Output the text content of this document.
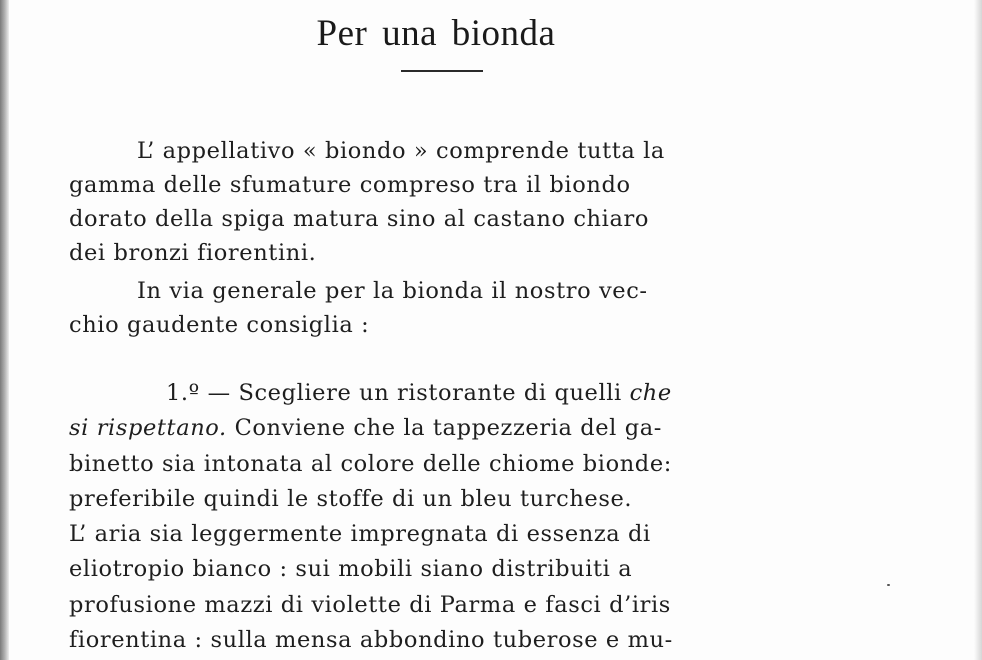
Per una bionda
L’ appellativo « biondo » comprende tutta la
gamma delle sfumature compreso tra il biondo
dorato della spiga matura sino al castano chiaro
dei bronzi fiorentini.
In via generale per la bionda il nostro vec-
chio gaudente consiglia :
1.º — Scegliere un ristorante di quelli che
si rispettano. Conviene che la tappezzeria del ga-
binetto sia intonata al colore delle chiome bionde:
preferibile quindi le stoffe di un bleu turchese.
L’ aria sia leggermente impregnata di essenza di
eliotropio bianco : sui mobili siano distribuiti a
profusione mazzi di violette di Parma e fasci d’iris
fiorentina : sulla mensa abbondino tuberose e mu-
